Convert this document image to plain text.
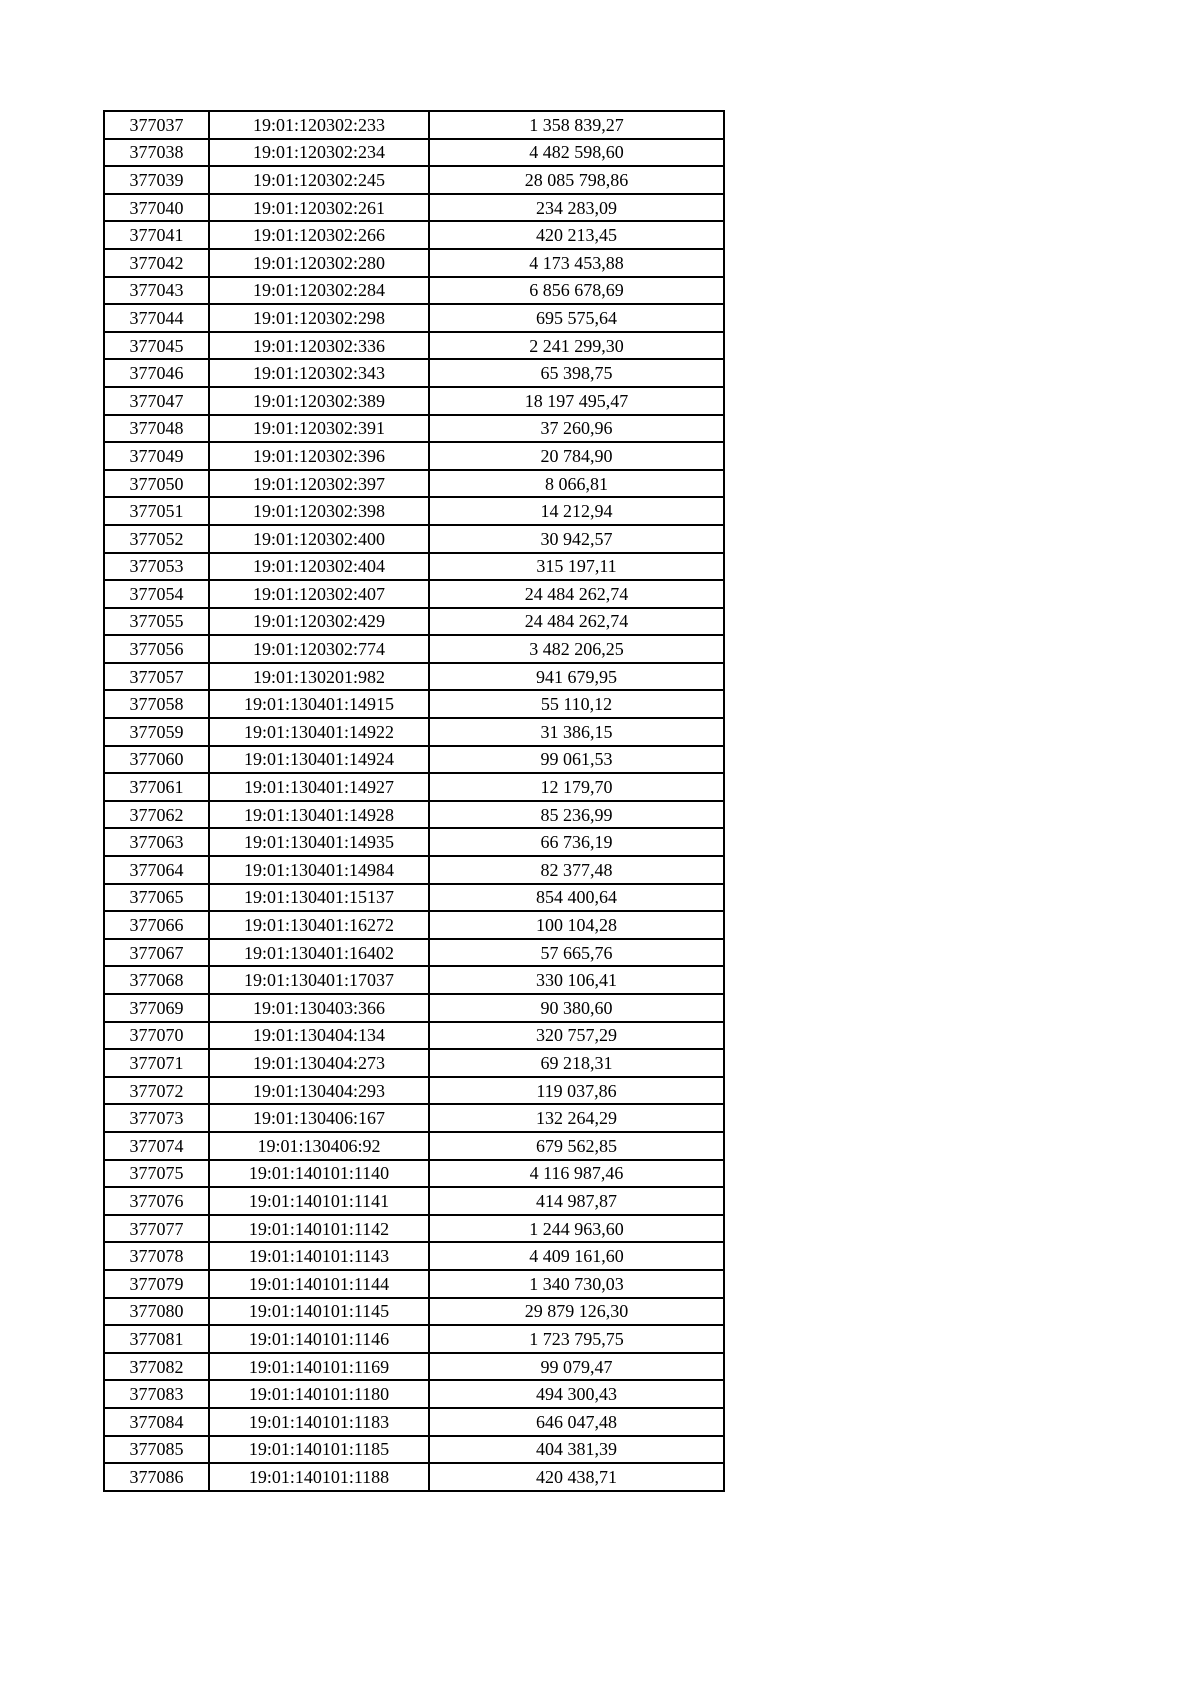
377037	19:01:120302:233	1 358 839,27
377038	19:01:120302:234	4 482 598,60
377039	19:01:120302:245	28 085 798,86
377040	19:01:120302:261	234 283,09
377041	19:01:120302:266	420 213,45
377042	19:01:120302:280	4 173 453,88
377043	19:01:120302:284	6 856 678,69
377044	19:01:120302:298	695 575,64
377045	19:01:120302:336	2 241 299,30
377046	19:01:120302:343	65 398,75
377047	19:01:120302:389	18 197 495,47
377048	19:01:120302:391	37 260,96
377049	19:01:120302:396	20 784,90
377050	19:01:120302:397	8 066,81
377051	19:01:120302:398	14 212,94
377052	19:01:120302:400	30 942,57
377053	19:01:120302:404	315 197,11
377054	19:01:120302:407	24 484 262,74
377055	19:01:120302:429	24 484 262,74
377056	19:01:120302:774	3 482 206,25
377057	19:01:130201:982	941 679,95
377058	19:01:130401:14915	55 110,12
377059	19:01:130401:14922	31 386,15
377060	19:01:130401:14924	99 061,53
377061	19:01:130401:14927	12 179,70
377062	19:01:130401:14928	85 236,99
377063	19:01:130401:14935	66 736,19
377064	19:01:130401:14984	82 377,48
377065	19:01:130401:15137	854 400,64
377066	19:01:130401:16272	100 104,28
377067	19:01:130401:16402	57 665,76
377068	19:01:130401:17037	330 106,41
377069	19:01:130403:366	90 380,60
377070	19:01:130404:134	320 757,29
377071	19:01:130404:273	69 218,31
377072	19:01:130404:293	119 037,86
377073	19:01:130406:167	132 264,29
377074	19:01:130406:92	679 562,85
377075	19:01:140101:1140	4 116 987,46
377076	19:01:140101:1141	414 987,87
377077	19:01:140101:1142	1 244 963,60
377078	19:01:140101:1143	4 409 161,60
377079	19:01:140101:1144	1 340 730,03
377080	19:01:140101:1145	29 879 126,30
377081	19:01:140101:1146	1 723 795,75
377082	19:01:140101:1169	99 079,47
377083	19:01:140101:1180	494 300,43
377084	19:01:140101:1183	646 047,48
377085	19:01:140101:1185	404 381,39
377086	19:01:140101:1188	420 438,71
